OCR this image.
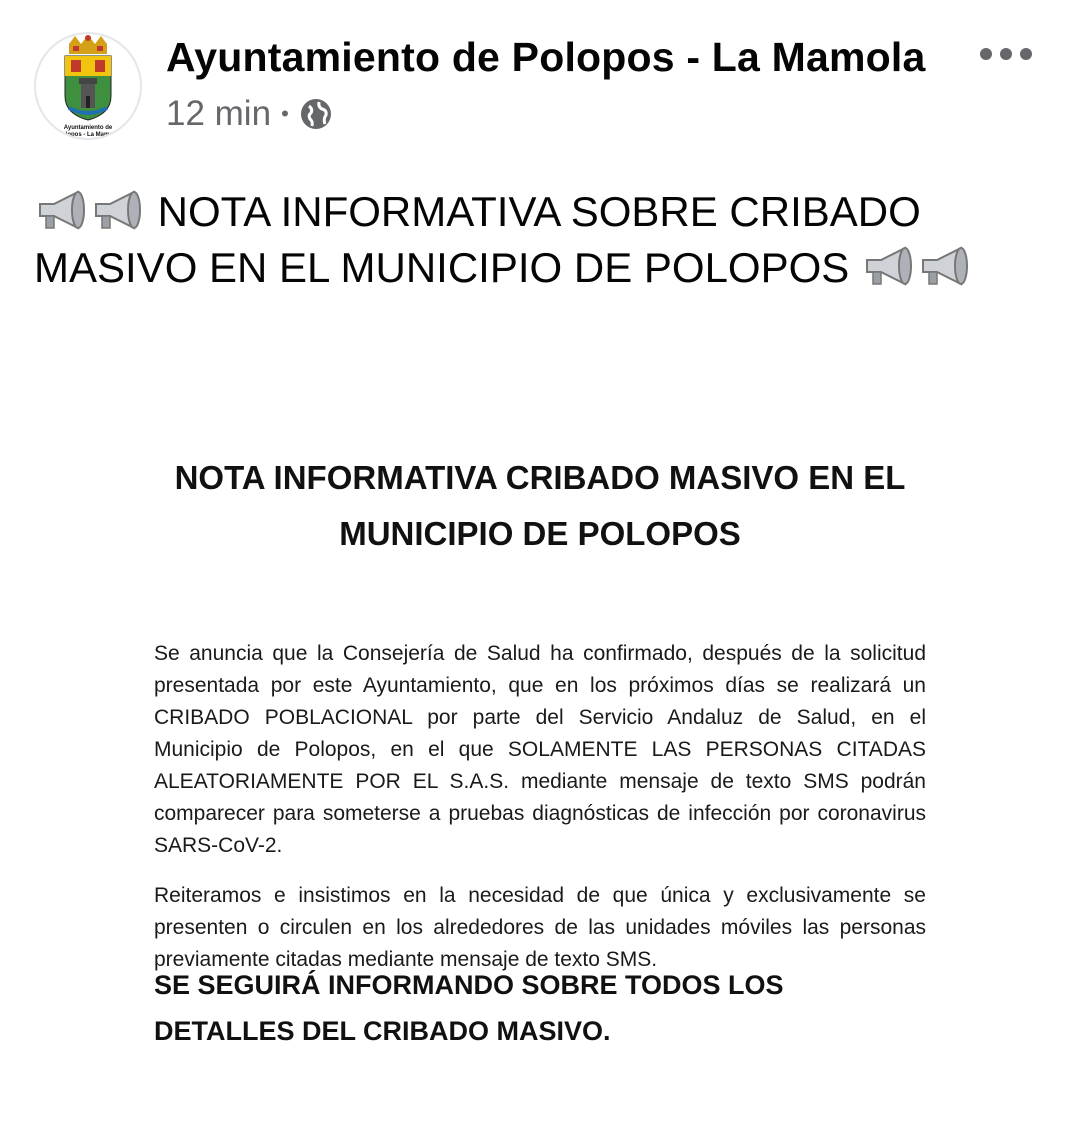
Ayuntamiento de
Polopos - La Mamola
Ayuntamiento de Polopos - La Mamola
12 min •
NOTA INFORMATIVA SOBRE CRIBADO MASIVO EN EL MUNICIPIO DE POLOPOS
NOTA INFORMATIVA CRIBADO MASIVO EN EL MUNICIPIO DE POLOPOS

Se anuncia que la Consejería de Salud ha confirmado, después de la solicitud presentada por este Ayuntamiento, que en los próximos días se realizará un CRIBADO POBLACIONAL por parte del Servicio Andaluz de Salud, en el Municipio de Polopos, en el que SOLAMENTE LAS PERSONAS CITADAS ALEATORIAMENTE POR EL S.A.S. mediante mensaje de texto SMS podrán comparecer para someterse a pruebas diagnósticas de infección por coronavirus SARS-CoV-2.

Reiteramos e insistimos en la necesidad de que única y exclusivamente se presenten o circulen en los alrededores de las unidades móviles las personas previamente citadas mediante mensaje de texto SMS.

SE SEGUIRÁ INFORMANDO SOBRE TODOS LOS DETALLES DEL CRIBADO MASIVO.
